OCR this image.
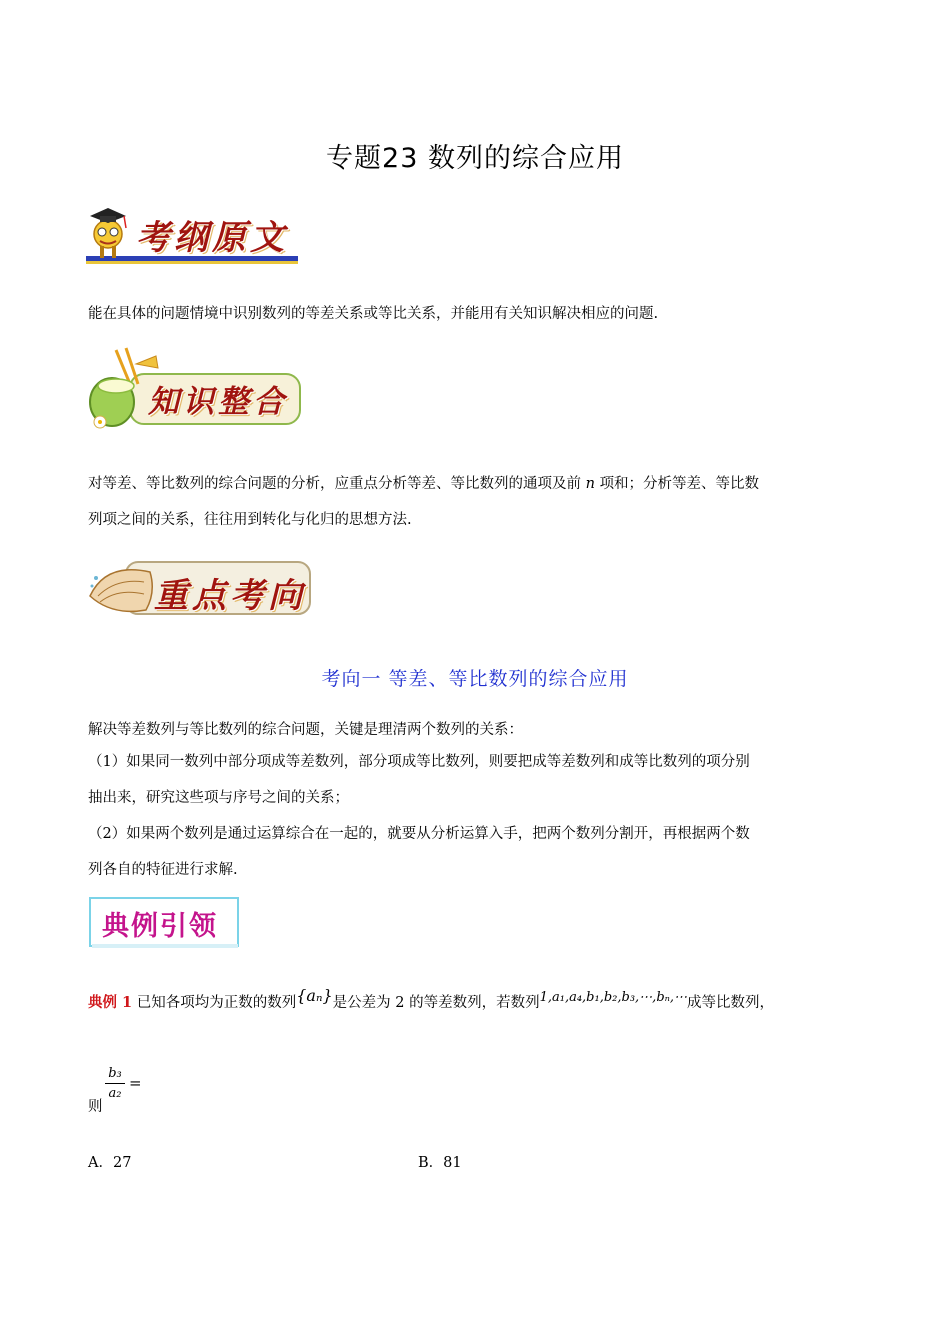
专题23 数列的综合应用
考纲原文
能在具体的问题情境中识别数列的等差关系或等比关系，并能用有关知识解决相应的问题.
知识整合
对等差、等比数列的综合问题的分析，应重点分析等差、等比数列的通项及前 n 项和；分析等差、等比数
列项之间的关系，往往用到转化与化归的思想方法.
重点考向
考向一 等差、等比数列的综合应用
解决等差数列与等比数列的综合问题，关键是理清两个数列的关系：
（1）如果同一数列中部分项成等差数列，部分项成等比数列，则要把成等差数列和成等比数列的项分别
抽出来，研究这些项与序号之间的关系；
（2）如果两个数列是通过运算综合在一起的，就要从分析运算入手，把两个数列分割开，再根据两个数
列各自的特征进行求解.
典例引领
典例 1 已知各项均为正数的数列{aₙ}是公差为 2 的等差数列，若数列1,a₁,a₄,b₁,b₂,b₃,⋯,bₙ,⋯成等比数列，
则
b₃
a₂
=
A．27	B．81
